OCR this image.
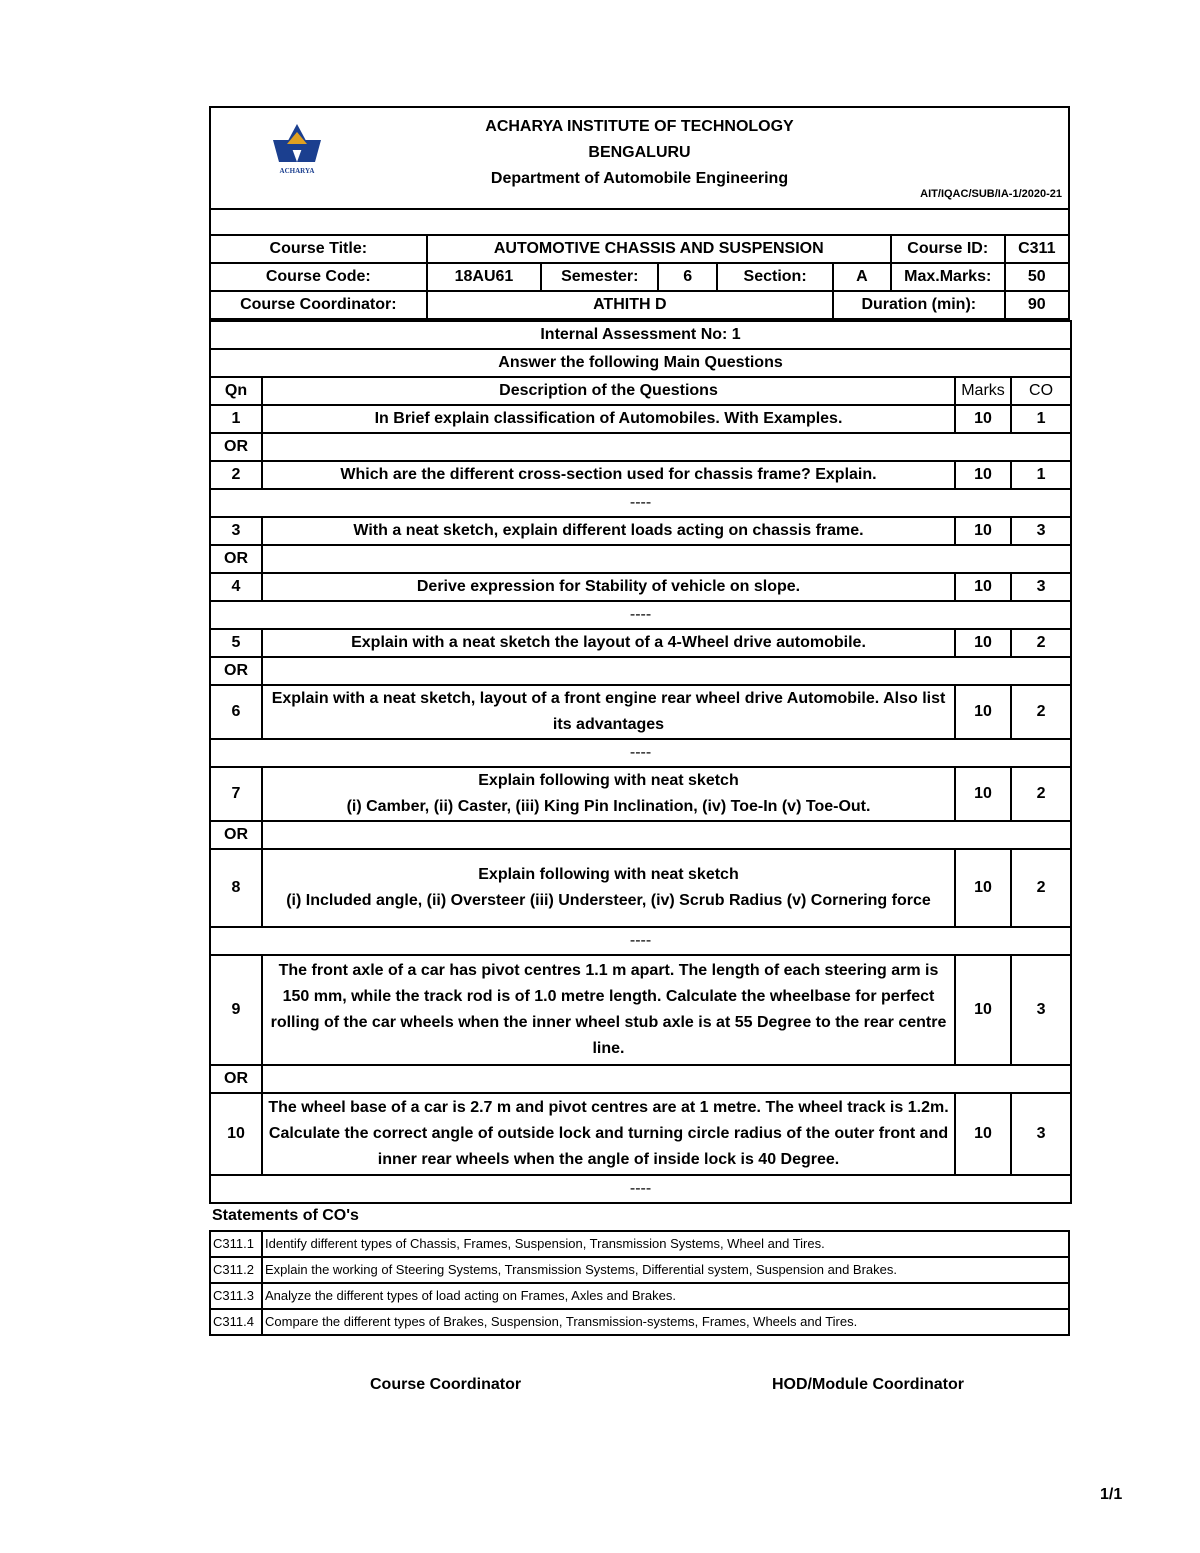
ACHARYA
ACHARYA INSTITUTE OF TECHNOLOGY
BENGALURU
Department of Automobile Engineering
AIT/IQAC/SUB/IA-1/2020-21

Course Title:	AUTOMOTIVE CHASSIS AND SUSPENSION					Course ID:	C311
Course Code:	18AU61	Semester:	6	Section:	A	Max.Marks:	50
Course Coordinator:	ATHITH D				Duration (min):		90
Internal Assessment No: 1			
Answer the following Main Questions			
Qn	Description of the Questions	Marks	CO
1	In Brief explain classification of Automobiles. With Examples.	10	1
OR			
2	Which are the different cross-section used for chassis frame? Explain.	10	1
----			
3	With a neat sketch, explain different loads acting on chassis frame.	10	3
OR			
4	Derive expression for Stability of vehicle on slope.	10	3
----			
5	Explain with a neat sketch the layout of a 4-Wheel drive automobile.	10	2
OR			
6	Explain with a neat sketch, layout of a front engine rear wheel drive Automobile. Also list its advantages	10	2
----			
7	Explain following with neat sketch
(i) Camber, (ii) Caster, (iii) King Pin Inclination, (iv) Toe-In (v) Toe-Out.	10	2
OR			
8	Explain following with neat sketch
(i) Included angle, (ii) Oversteer (iii) Understeer, (iv) Scrub Radius (v) Cornering force	10	2
----			
9	The front axle of a car has pivot centres 1.1 m apart. The length of each steering arm is 150 mm, while the track rod is of 1.0 metre length. Calculate the wheelbase for perfect rolling of the car wheels when the inner wheel stub axle is at 55 Degree to the rear centre line.	10	3
OR			
10	The wheel base of a car is 2.7 m and pivot centres are at 1 metre. The wheel track is 1.2m. Calculate the correct angle of outside lock and turning circle radius of the outer front and inner rear wheels when the angle of inside lock is 40 Degree.	10	3
----			
Statements of CO's
C311.1	Identify different types of Chassis, Frames, Suspension, Transmission Systems, Wheel and Tires.
C311.2	Explain the working of Steering Systems, Transmission Systems, Differential system, Suspension and Brakes.
C311.3	Analyze the different types of load acting on Frames, Axles and Brakes.
C311.4	Compare the different types of Brakes, Suspension, Transmission-systems, Frames, Wheels and Tires.
Course Coordinator	HOD/Module Coordinator
1/1
